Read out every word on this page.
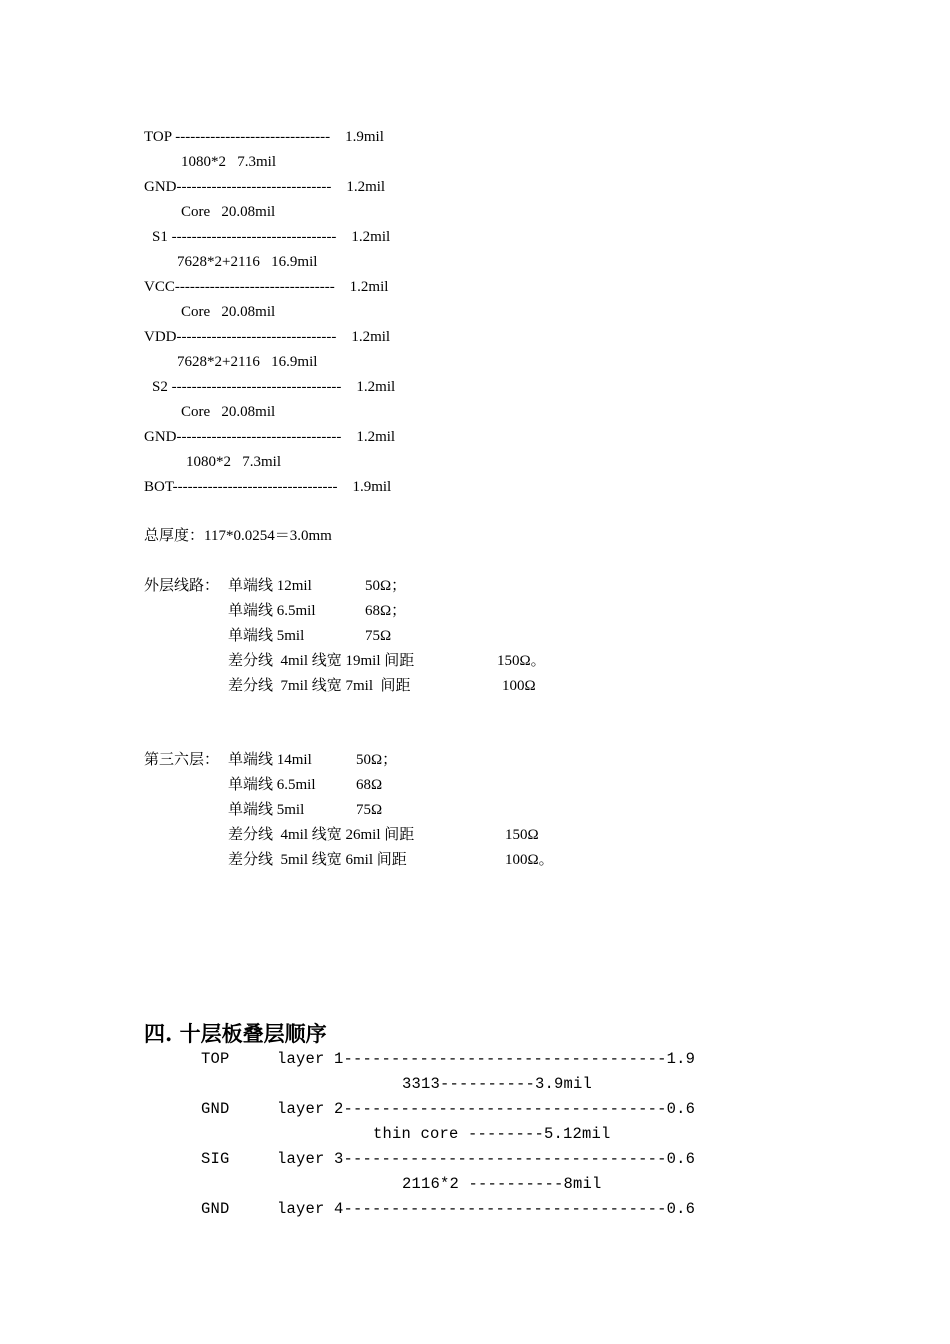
TOP -------------------------------    1.9mil
1080*2   7.3mil
GND-------------------------------    1.2mil
Core   20.08mil
S1 ---------------------------------    1.2mil
7628*2+2116   16.9mil
VCC--------------------------------    1.2mil
Core   20.08mil
VDD--------------------------------    1.2mil
7628*2+2116   16.9mil
S2 ----------------------------------    1.2mil
Core   20.08mil
GND---------------------------------    1.2mil
1080*2   7.3mil
BOT---------------------------------    1.9mil
总厚度：117*0.0254＝3.0mm
外层线路： 单端线 12mil	50Ω；
单端线 6.5mil	68Ω；
单端线 5mil	75Ω
差分线  4mil 线宽 19mil 间距	150Ω。
差分线  7mil 线宽 7mil  间距	100Ω
第三六层： 单端线 14mil	50Ω；
单端线 6.5mil	68Ω
单端线 5mil	75Ω
差分线  4mil 线宽 26mil 间距	150Ω
差分线  5mil 线宽 6mil 间距	100Ω。
四. 十层板叠层顺序
TOP     layer 1----------------------------------1.9
3313----------3.9mil
GND     layer 2----------------------------------0.6
thin core --------5.12mil
SIG     layer 3----------------------------------0.6
2116*2 ----------8mil
GND     layer 4----------------------------------0.6
